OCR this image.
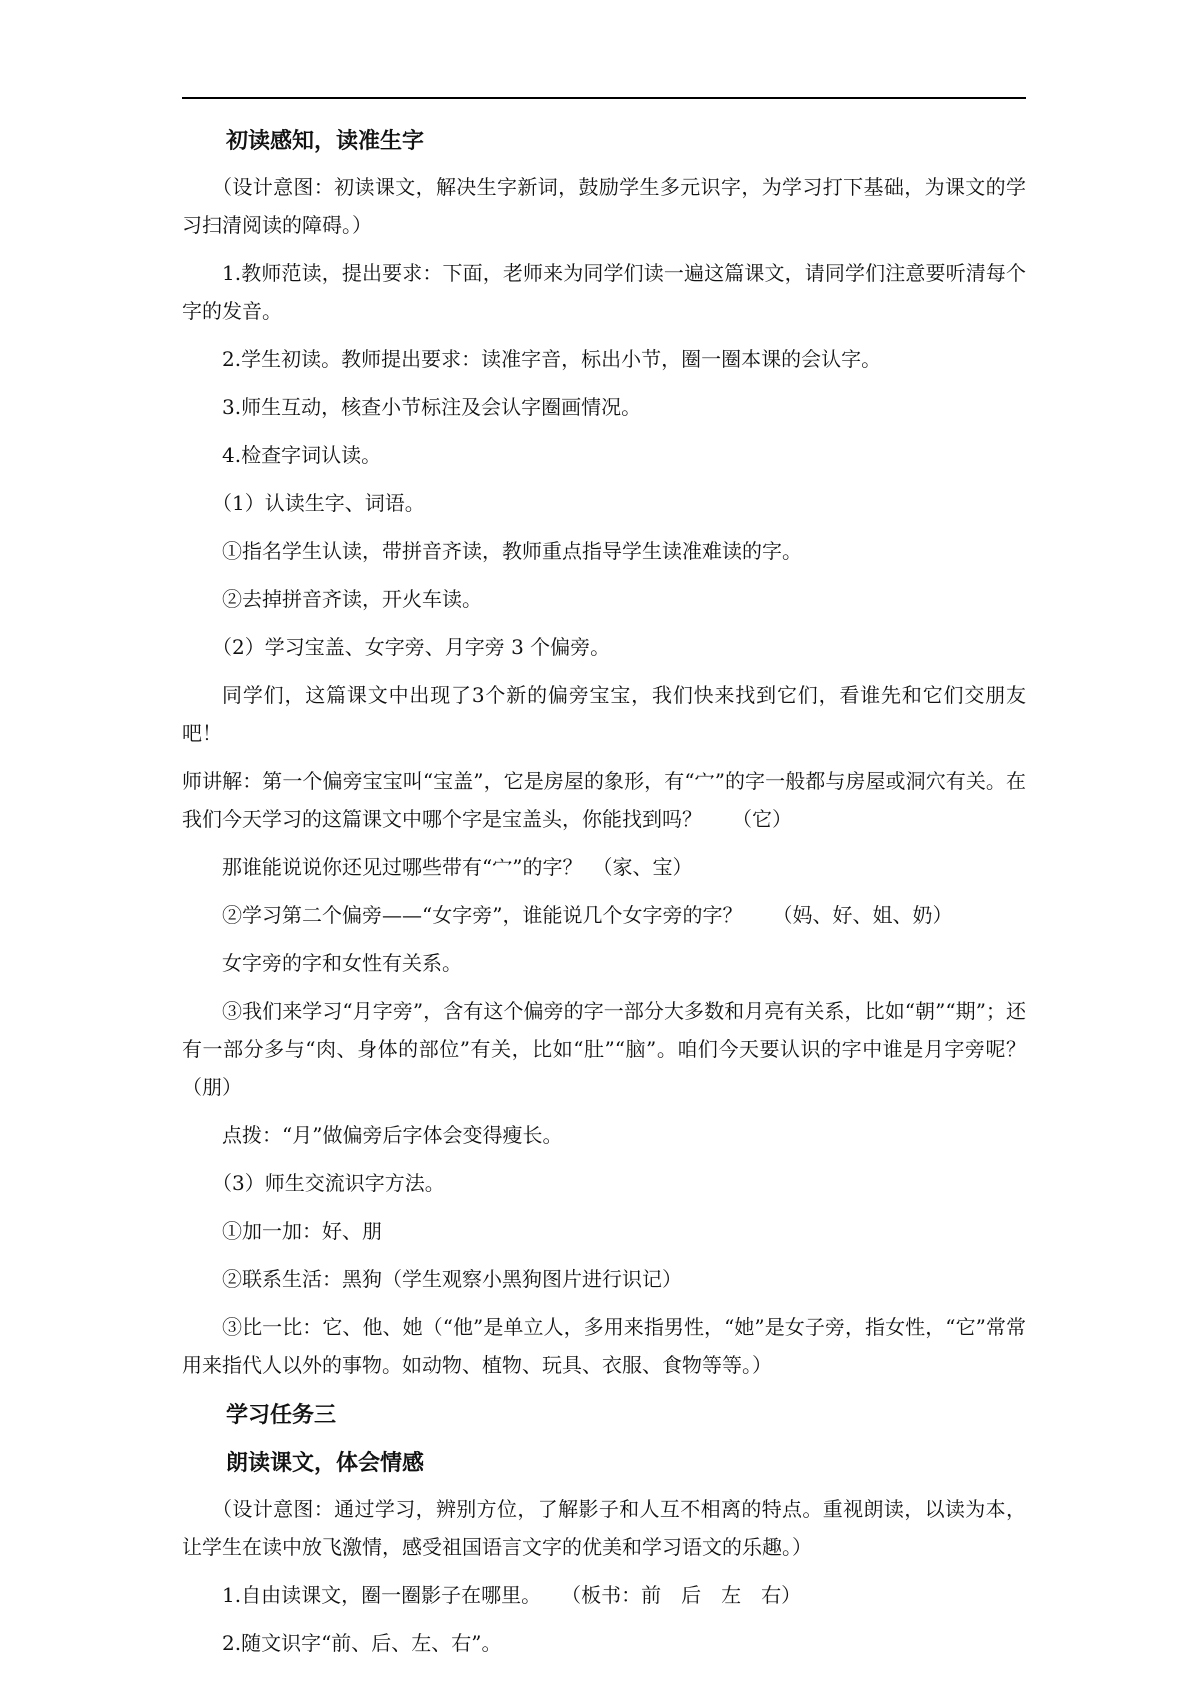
初读感知，读准生字

（设计意图：初读课文，解决生字新词，鼓励学生多元识字，为学习打下基础，为课文的学习扫清阅读的障碍。）

1.教师范读，提出要求：下面，老师来为同学们读一遍这篇课文，请同学们注意要听清每个字的发音。

2.学生初读。教师提出要求：读准字音，标出小节，圈一圈本课的会认字。

3.师生互动，核查小节标注及会认字圈画情况。

4.检查字词认读。

（1）认读生字、词语。

①指名学生认读，带拼音齐读，教师重点指导学生读准难读的字。

②去掉拼音齐读，开火车读。

（2）学习宝盖、女字旁、月字旁 3 个偏旁。

同学们，这篇课文中出现了3个新的偏旁宝宝，我们快来找到它们，看谁先和它们交朋友吧！

师讲解：第一个偏旁宝宝叫“宝盖”，它是房屋的象形，有“宀”的字一般都与房屋或洞穴有关。在我们今天学习的这篇课文中哪个字是宝盖头，你能找到吗？　　（它）

那谁能说说你还见过哪些带有“宀”的字？　（家、宝）

②学习第二个偏旁——“女字旁”，谁能说几个女字旁的字？　　（妈、好、姐、奶）

女字旁的字和女性有关系。

③我们来学习“月字旁”，含有这个偏旁的字一部分大多数和月亮有关系，比如“朝”“期”；还有一部分多与“肉、身体的部位”有关，比如“肚”“脑”。咱们今天要认识的字中谁是月字旁呢？（朋）

点拨：“月”做偏旁后字体会变得瘦长。

（3）师生交流识字方法。

①加一加：好、朋

②联系生活：黑狗（学生观察小黑狗图片进行识记）

③比一比：它、他、她（“他”是单立人，多用来指男性，“她”是女子旁，指女性，“它”常常用来指代人以外的事物。如动物、植物、玩具、衣服、食物等等。）

学习任务三

朗读课文，体会情感

（设计意图：通过学习，辨别方位，了解影子和人互不相离的特点。重视朗读，以读为本，让学生在读中放飞激情，感受祖国语言文字的优美和学习语文的乐趣。）

1.自由读课文，圈一圈影子在哪里。　　（板书：前　后　左　右）

2.随文识字“前、后、左、右”。
